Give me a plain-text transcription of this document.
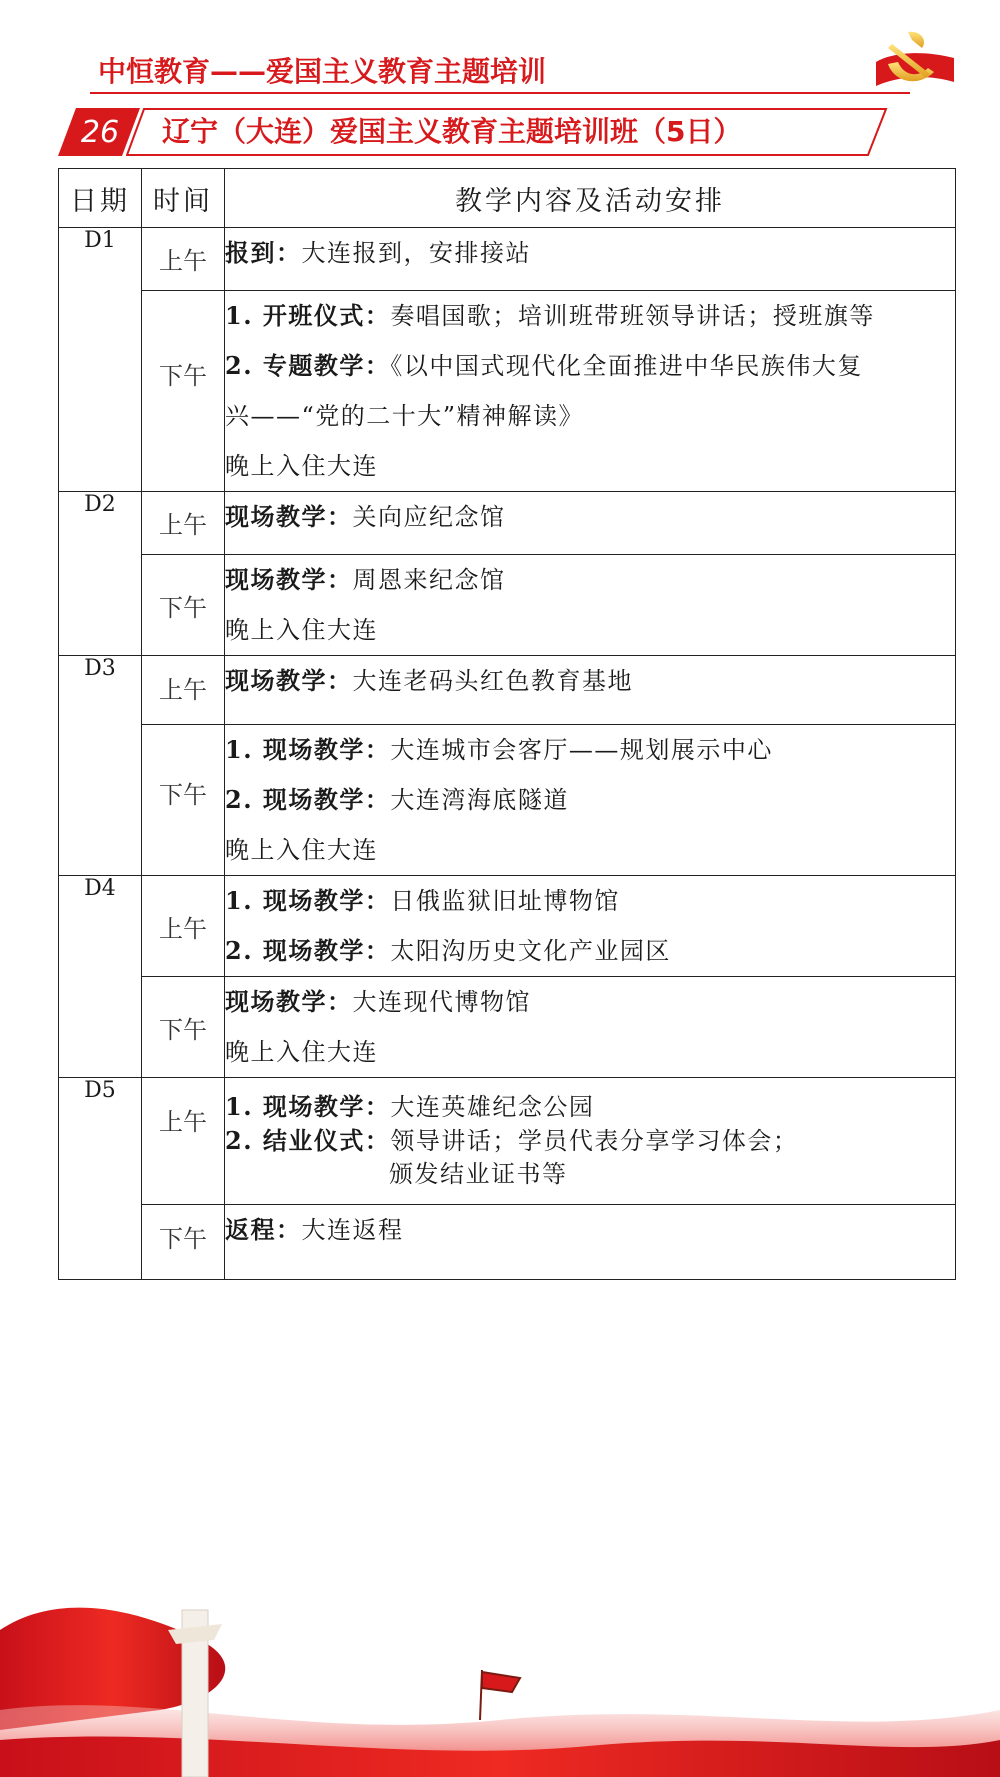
中恒教育——爱国主义教育主题培训
26	辽宁（大连）爱国主义教育主题培训班（5日）
日期	时间	教学内容及活动安排
D1	上午	报到：大连报到，安排接站

	下午	1. 开班仪式：奏唱国歌；培训班带班领导讲话；授班旗等
2. 专题教学：《以中国式现代化全面推进中华民族伟大复
兴——“党的二十大”精神解读》
晚上入住大连

D2	上午	现场教学：关向应纪念馆

	下午	现场教学：周恩来纪念馆
晚上入住大连

D3	上午	现场教学：大连老码头红色教育基地

	下午	1. 现场教学：大连城市会客厅——规划展示中心
2. 现场教学：大连湾海底隧道
晚上入住大连

D4	上午	1. 现场教学：日俄监狱旧址博物馆
2. 现场教学：太阳沟历史文化产业园区

	下午	现场教学：大连现代博物馆
晚上入住大连

D5	上午	1. 现场教学：大连英雄纪念公园
2. 结业仪式：领导讲话；学员代表分享学习体会；
颁发结业证书等

	下午	返程：大连返程
